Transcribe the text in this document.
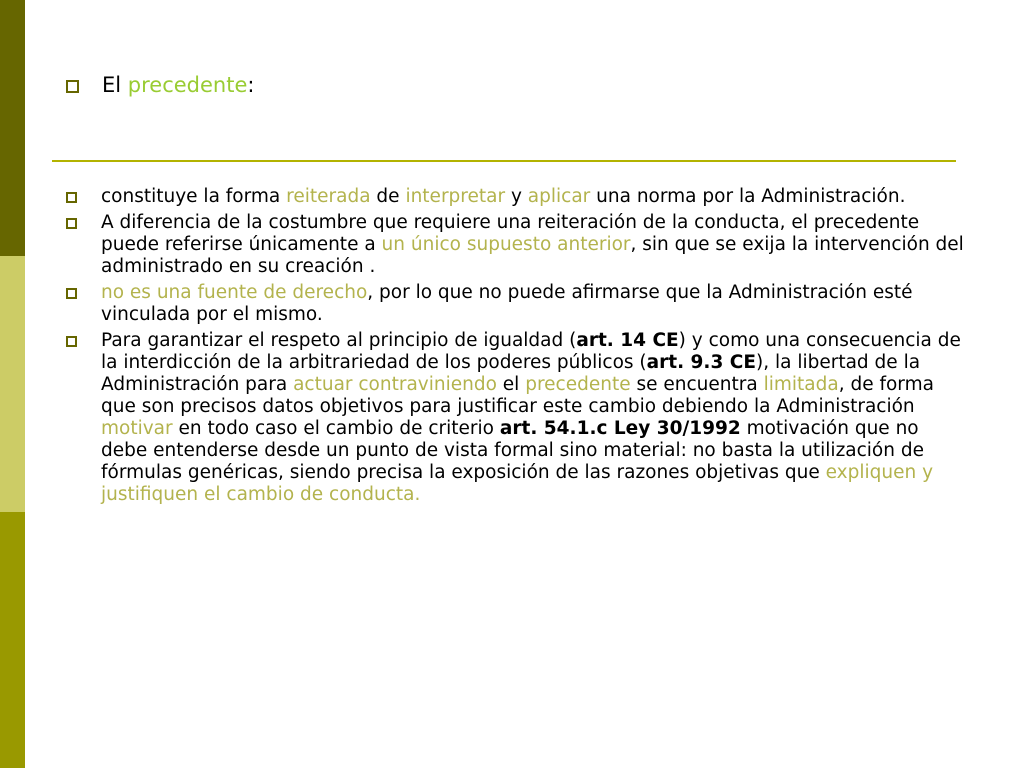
El precedente:
constituye la forma reiterada de interpretar y aplicar una norma por la Administración.
A diferencia de la costumbre que requiere una reiteración de la conducta, el precedente puede referirse únicamente a un único supuesto anterior, sin que se exija la intervención del administrado en su creación .
no es una fuente de derecho, por lo que no puede afirmarse que la Administración esté vinculada por el mismo.
Para garantizar el respeto al principio de igualdad (art. 14 CE) y como una consecuencia de la interdicción de la arbitrariedad de los poderes públicos (art. 9.3 CE), la libertad de la Administración para actuar contraviniendo el precedente se encuentra limitada, de forma que son precisos datos objetivos para justificar este cambio debiendo la Administración motivar en todo caso el cambio de criterio art. 54.1.c Ley 30/1992 motivación que no debe entenderse desde un punto de vista formal sino material: no basta la utilización de fórmulas genéricas, siendo precisa la exposición de las razones objetivas que expliquen y justifiquen el cambio de conducta.
